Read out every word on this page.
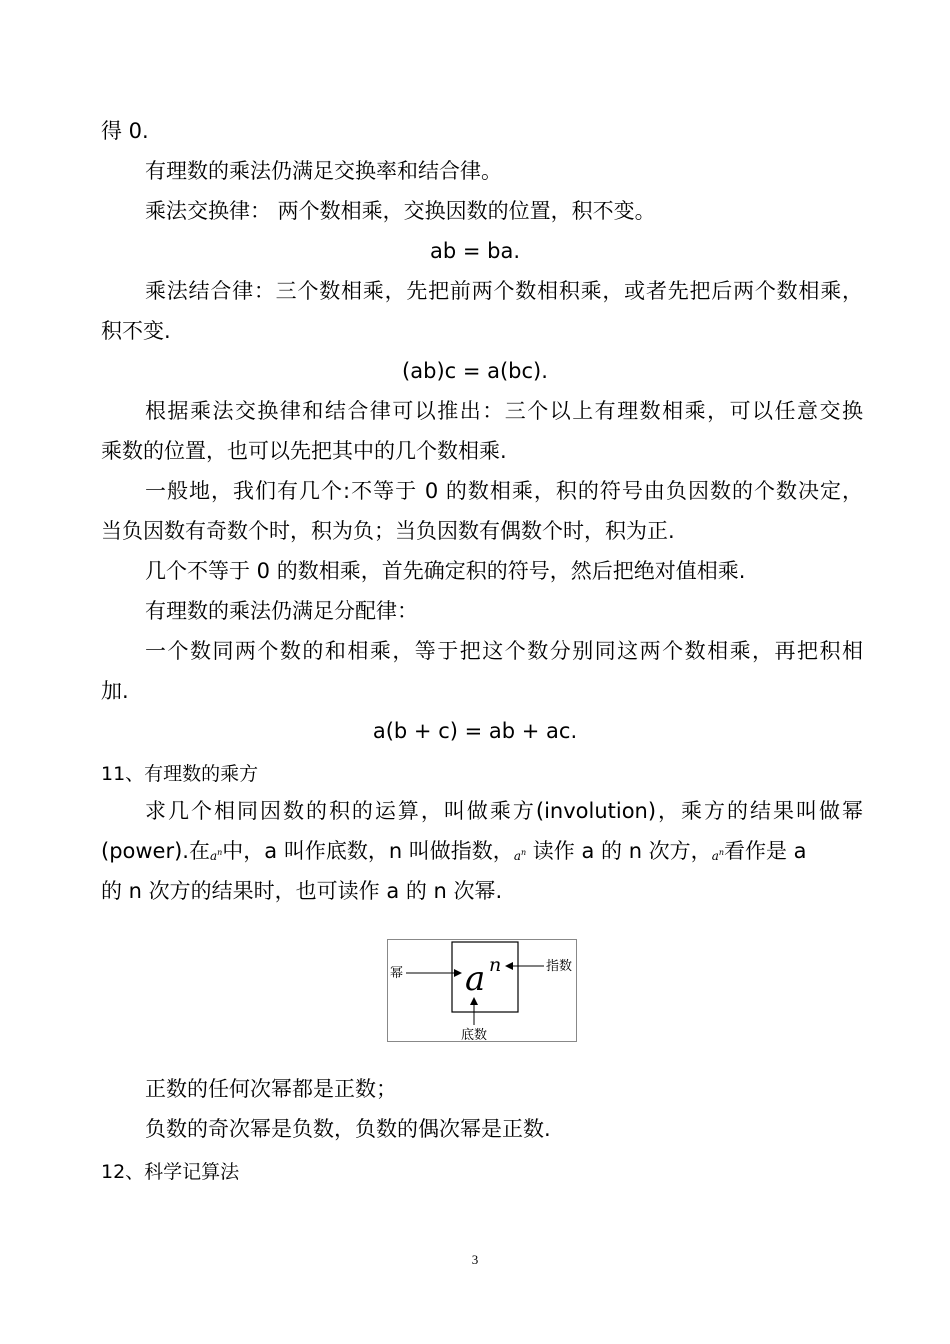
得 0.
有理数的乘法仍满足交换率和结合律。
乘法交换律： 两个数相乘，交换因数的位置，积不变。
ab = ba.
乘法结合律：三个数相乘，先把前两个数相积乘，或者先把后两个数相乘，
积不变.
(ab)c = a(bc).
根据乘法交换律和结合律可以推出：三个以上有理数相乘，可以任意交换
乘数的位置，也可以先把其中的几个数相乘.
一般地，我们有几个:不等于 0 的数相乘，积的符号由负因数的个数决定，
当负因数有奇数个时，积为负；当负因数有偶数个时，积为正.
几个不等于 0 的数相乘，首先确定积的符号，然后把绝对值相乘.
有理数的乘法仍满足分配律：
一个数同两个数的和相乘，等于把这个数分别同这两个数相乘，再把积相
加.
a(b + c) = ab + ac.
11、有理数的乘方
求几个相同因数的积的运算，叫做乘方(involution)，乘方的结果叫做幂
(power).在$a^n$中，a 叫作底数，n 叫做指数，$a^n$ 读作 a 的 n 次方，$a^n$看作是 a
的 n 次方的结果时，也可读作 a 的 n 次幂.
a n
幂	指数
底数
正数的任何次幂都是正数；
负数的奇次幂是负数，负数的偶次幂是正数.
12、科学记算法
3
